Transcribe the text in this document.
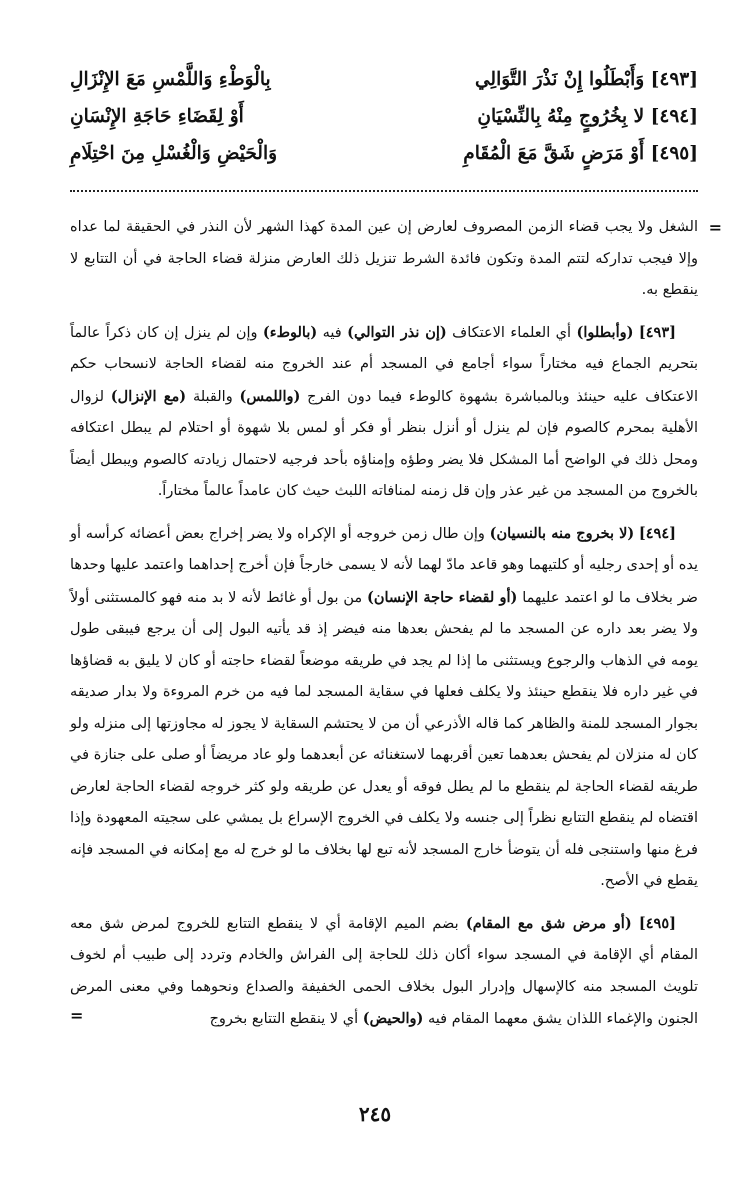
[٤٩٣] وَأَبْطَلُوا إِنْ نَذْرَ التَّوَالِي
بِالْوَطْءِ وَاللَّمْسِ مَعَ الإِنْزَالِ
[٤٩٤] لا بِخُرُوجٍ مِنْهُ بِالنِّسْيَانِ
أَوْ لِقَضَاءِ حَاجَةِ الإِنْسَانِ
[٤٩٥] أَوْ مَرَضٍ شَقَّ مَعَ الْمُقَامِ
وَالْحَيْضِ وَالْغُسْلِ مِنَ احْتِلَامِ
=

الشغل ولا يجب قضاء الزمن المصروف لعارض إن عين المدة كهذا الشهر لأن النذر في الحقيقة لما عداه وإلا فيجب تداركه لتتم المدة وتكون فائدة الشرط تنزيل ذلك العارض منزلة قضاء الحاجة في أن التتابع لا ينقطع به.

[٤٩٣] (وأبطلوا) أي العلماء الاعتكاف (إن نذر التوالي) فيه (بالوطء) وإن لم ينزل إن كان ذكراً عالماً بتحريم الجماع فيه مختاراً سواء أجامع في المسجد أم عند الخروج منه لقضاء الحاجة لانسحاب حكم الاعتكاف عليه حينئذ وبالمباشرة بشهوة كالوطء فيما دون الفرج (واللمس) والقبلة (مع الإنزال) لزوال الأهلية بمحرم كالصوم فإن لم ينزل أو أنزل بنظر أو فكر أو لمس بلا شهوة أو احتلام لم يبطل اعتكافه ومحل ذلك في الواضح أما المشكل فلا يضر وطؤه وإمناؤه بأحد فرجيه لاحتمال زيادته كالصوم ويبطل أيضاً بالخروج من المسجد من غير عذر وإن قل زمنه لمنافاته اللبث حيث كان عامداً عالماً مختاراً.

[٤٩٤] (لا بخروج منه بالنسيان) وإن طال زمن خروجه أو الإكراه ولا يضر إخراج بعض أعضائه كرأسه أو يده أو إحدى رجليه أو كلتيهما وهو قاعد مادّ لهما لأنه لا يسمى خارجاً فإن أخرج إحداهما واعتمد عليها وحدها ضر بخلاف ما لو اعتمد عليهما (أو لقضاء حاجة الإنسان) من بول أو غائط لأنه لا بد منه فهو كالمستثنى أولاً ولا يضر بعد داره عن المسجد ما لم يفحش بعدها منه فيضر إذ قد يأتيه البول إلى أن يرجع فيبقى طول يومه في الذهاب والرجوع ويستثنى ما إذا لم يجد في طريقه موضعاً لقضاء حاجته أو كان لا يليق به قضاؤها في غير داره فلا ينقطع حينئذ ولا يكلف فعلها في سقاية المسجد لما فيه من خرم المروءة ولا بدار صديقه بجوار المسجد للمنة والظاهر كما قاله الأذرعي أن من لا يحتشم السقاية لا يجوز له مجاوزتها إلى منزله ولو كان له منزلان لم يفحش بعدهما تعين أقربهما لاستغنائه عن أبعدهما ولو عاد مريضاً أو صلى على جنازة في طريقه لقضاء الحاجة لم ينقطع ما لم يطل فوقه أو يعدل عن طريقه ولو كثر خروجه لقضاء الحاجة لعارض اقتضاه لم ينقطع التتابع نظراً إلى جنسه ولا يكلف في الخروج الإسراع بل يمشي على سجيته المعهودة وإذا فرغ منها واستنجى فله أن يتوضأ خارج المسجد لأنه تبع لها بخلاف ما لو خرج له مع إمكانه في المسجد فإنه يقطع في الأصح.

[٤٩٥] (أو مرض شق مع المقام) بضم الميم الإقامة أي لا ينقطع التتابع للخروج لمرض شق معه المقام أي الإقامة في المسجد سواء أكان ذلك للحاجة إلى الفراش والخادم وتردد إلى طبيب أم لخوف تلويث المسجد منه كالإسهال وإدرار البول بخلاف الحمى الخفيفة والصداع ونحوهما وفي معنى المرض الجنون والإغماء اللذان يشق معهما المقام فيه (والحيض) أي لا ينقطع التتابع بخروج
=

٢٤٥
